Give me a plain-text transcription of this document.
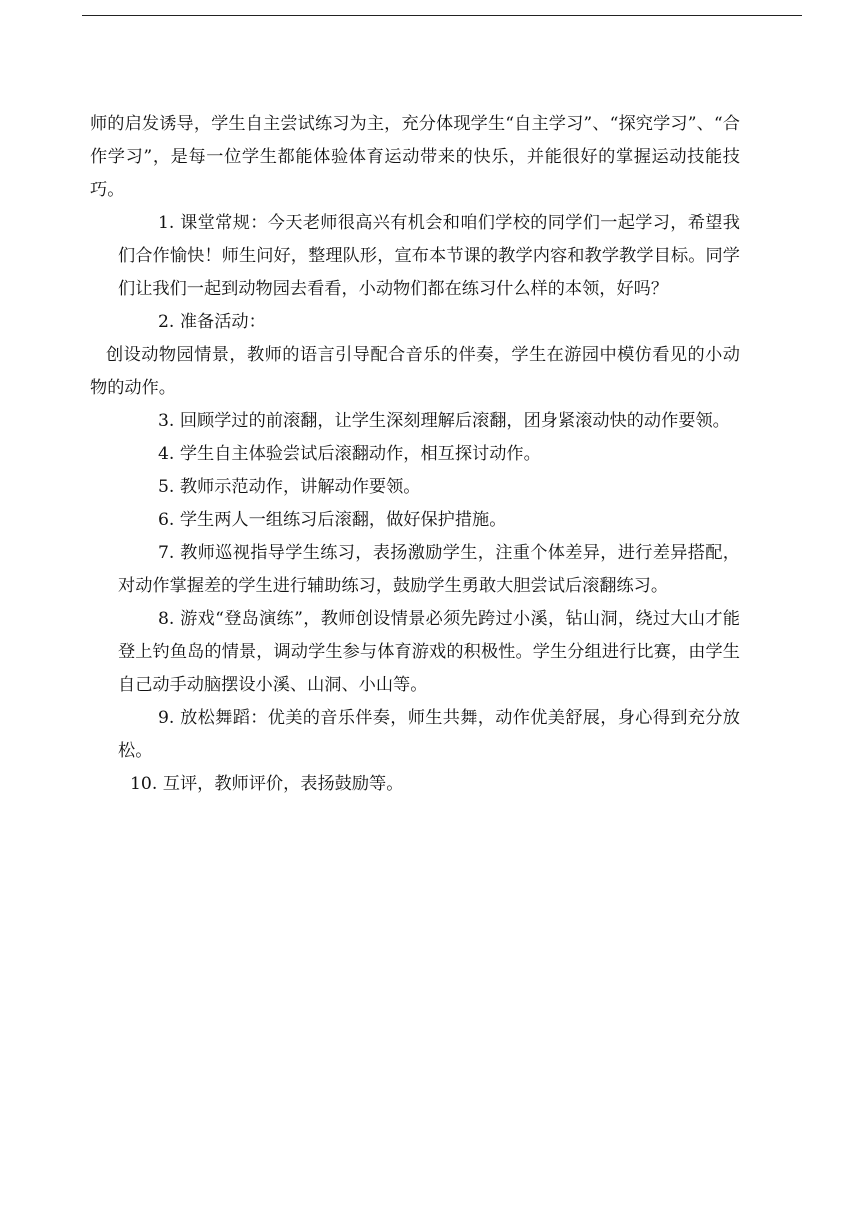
师的启发诱导，学生自主尝试练习为主，充分体现学生“自主学习”、“探究学习”、“合作学习”，是每一位学生都能体验体育运动带来的快乐，并能很好的掌握运动技能技巧。

1. 课堂常规：今天老师很高兴有机会和咱们学校的同学们一起学习，希望我们合作愉快！师生问好，整理队形，宣布本节课的教学内容和教学教学目标。同学们让我们一起到动物园去看看，小动物们都在练习什么样的本领，好吗？

2. 准备活动：

创设动物园情景，教师的语言引导配合音乐的伴奏，学生在游园中模仿看见的小动物的动作。

3. 回顾学过的前滚翻，让学生深刻理解后滚翻，团身紧滚动快的动作要领。

4. 学生自主体验尝试后滚翻动作，相互探讨动作。

5. 教师示范动作，讲解动作要领。

6. 学生两人一组练习后滚翻，做好保护措施。

7. 教师巡视指导学生练习，表扬激励学生，注重个体差异，进行差异搭配，对动作掌握差的学生进行辅助练习，鼓励学生勇敢大胆尝试后滚翻练习。

8. 游戏“登岛演练”，教师创设情景必须先跨过小溪，钻山洞，绕过大山才能登上钓鱼岛的情景，调动学生参与体育游戏的积极性。学生分组进行比赛，由学生自己动手动脑摆设小溪、山洞、小山等。

9. 放松舞蹈：优美的音乐伴奏，师生共舞，动作优美舒展，身心得到充分放松。

10. 互评，教师评价，表扬鼓励等。
